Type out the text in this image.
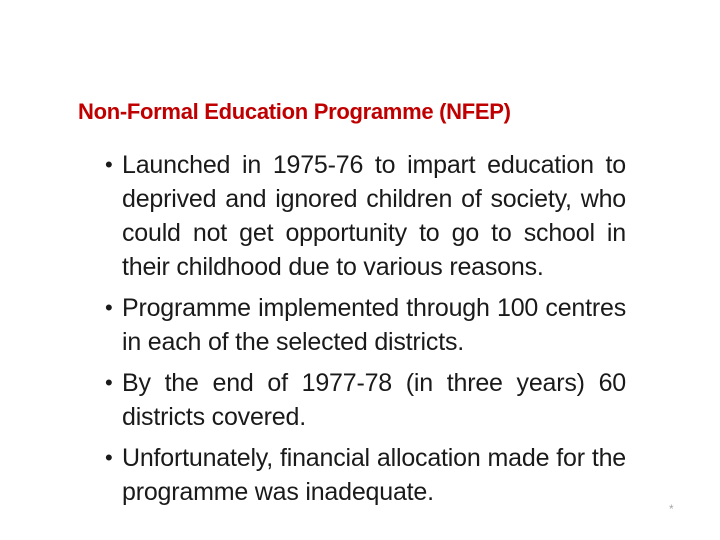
Non-Formal Education Programme (NFEP)
• Launched in 1975-76 to impart education to deprived and ignored children of society, who could not get opportunity to go to school in their childhood due to various reasons.
• Programme implemented through 100 centres in each of the selected districts.
• By the end of 1977-78 (in three years) 60 districts covered.
• Unfortunately, financial allocation made for the programme was inadequate.
*
